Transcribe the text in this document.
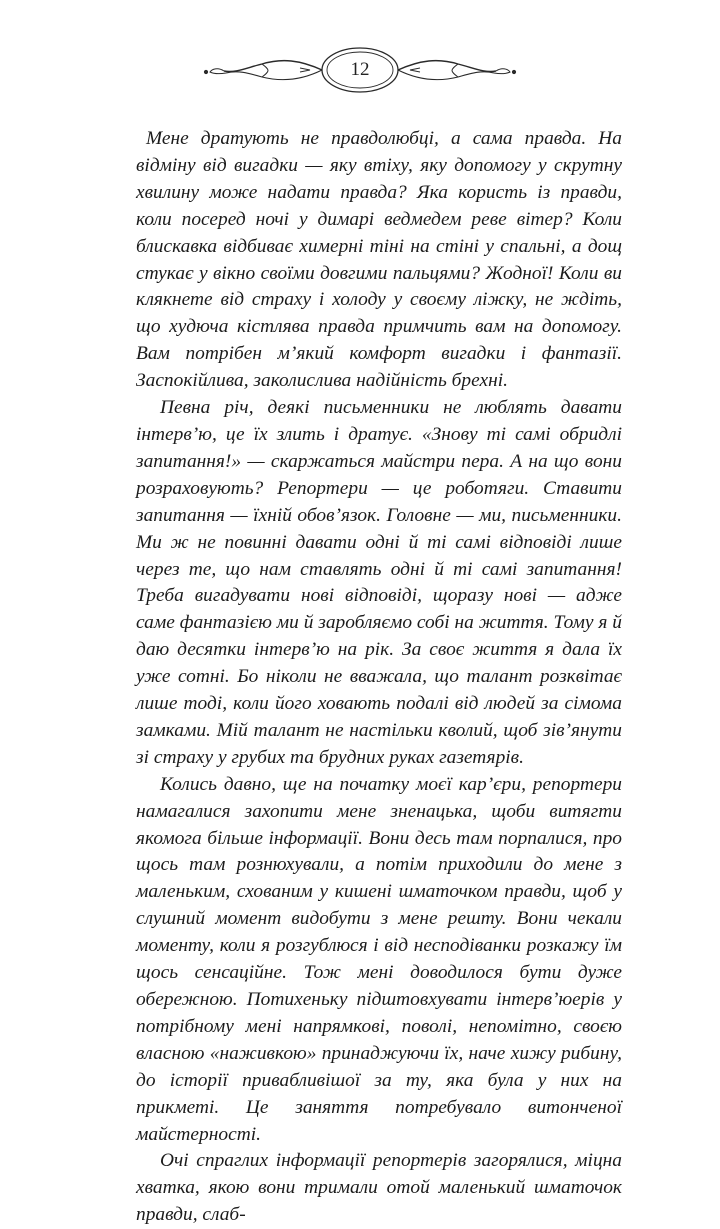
12

Мене дратують не правдолюбці, а сама правда. На відміну від вигадки — яку втіху, яку допомогу у скрутну хвилину може надати правда? Яка користь із правди, коли посеред ночі у димарі ведмедем реве вітер? Коли блискавка відбиває химерні тіні на стіні у спальні, а дощ стукає у вікно своїми довгими пальцями? Жодної! Коли ви клякнете від страху і холоду у своєму ліжку, не ждіть, що худюча кістлява правда примчить вам на допомогу. Вам потрібен м’який комфорт вигадки і фантазії. Заспокійлива, заколислива надійність брехні.

Певна річ, деякі письменники не люблять давати інтерв’ю, це їх злить і дратує. «Знову ті самі обридлі запитання!» — скаржаться майстри пера. А на що вони розраховують? Репортери — це роботяги. Ставити запитання — їхній обов’язок. Головне — ми, письменники. Ми ж не повинні давати одні й ті самі відповіді лише через те, що нам ставлять одні й ті самі запитання! Треба вигадувати нові відповіді, щоразу нові — адже саме фантазією ми й заробляємо собі на життя. Тому я й даю десятки інтерв’ю на рік. За своє життя я дала їх уже сотні. Бо ніколи не вважала, що талант розквітає лише тоді, коли його ховають подалі від людей за сімома замками. Мій талант не настільки кволий, щоб зів’янути зі страху у грубих та брудних руках газетярів.

Колись давно, ще на початку моєї кар’єри, репортери намагалися захопити мене зненацька, щоби витягти якомога більше інформації. Вони десь там порпалися, про щось там рознюхували, а потім приходили до мене з маленьким, схованим у кишені шматочком правди, щоб у слушний момент видобути з мене решту. Вони чекали моменту, коли я розгублюся і від несподіванки розкажу їм щось сенсаційне. Тож мені доводилося бути дуже обережною. Потихеньку підштовхувати інтерв’юерів у потрібному мені напрямкові, поволі, непомітно, своєю власною «наживкою» принаджуючи їх, наче хижу рибину, до історії привабливішої за ту, яка була у них на прикметі. Це заняття потребувало витонченої майстерності.

Очі спраглих інформації репортерів загорялися, міцна хватка, якою вони тримали отой маленький шматочок правди, слаб-
